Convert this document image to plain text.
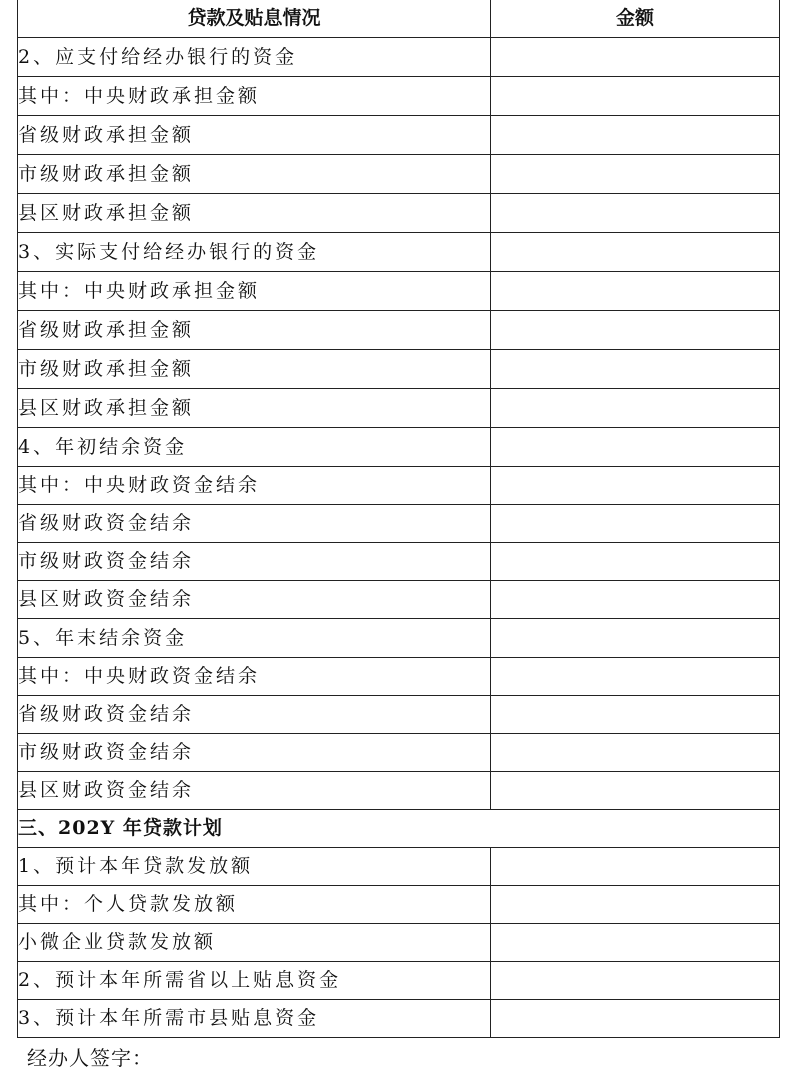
贷款及贴息情况	金额
2、应支付给经办银行的资金	
其中：中央财政承担金额	
省级财政承担金额	
市级财政承担金额	
县区财政承担金额	
3、实际支付给经办银行的资金	
其中：中央财政承担金额	
省级财政承担金额	
市级财政承担金额	
县区财政承担金额	
4、年初结余资金	
其中：中央财政资金结余	
省级财政资金结余	
市级财政资金结余	
县区财政资金结余	
5、年末结余资金	
其中：中央财政资金结余	
省级财政资金结余	
市级财政资金结余	
县区财政资金结余	
三、202Y 年贷款计划	
1、预计本年贷款发放额	
其中：个人贷款发放额	
小微企业贷款发放额	
2、预计本年所需省以上贴息资金	
3、预计本年所需市县贴息资金	
经办人签字：
